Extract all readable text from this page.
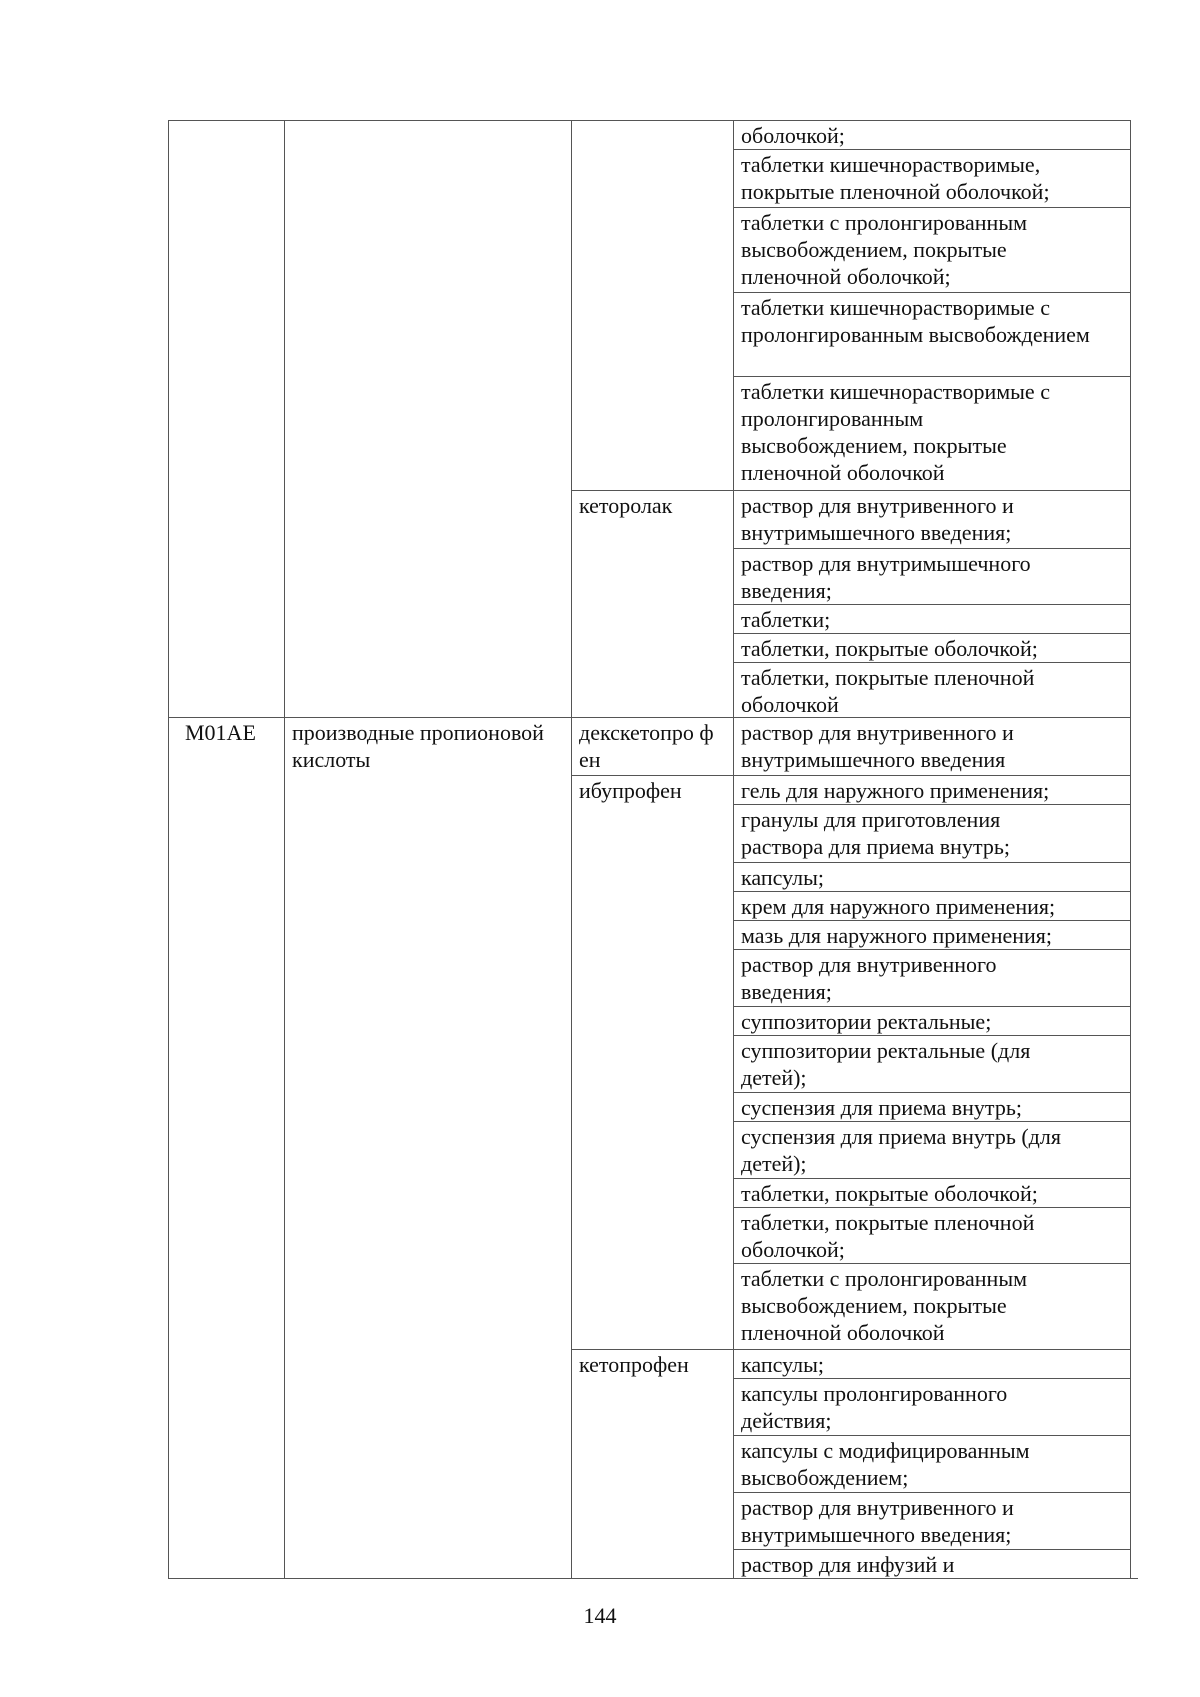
M01AE	производные пропионовой кислоты
кеторолак
декскетопро фен
ибупрофен
кетопрофен
оболочкой;
таблетки кишечнорастворимые, покрытые пленочной оболочкой;
таблетки с пролонгированным высвобождением, покрытые пленочной оболочкой;
таблетки кишечнорастворимые с пролонгированным высвобождением
таблетки кишечнорастворимые с пролонгированным высвобождением, покрытые пленочной оболочкой
раствор для внутривенного и внутримышечного введения;
раствор для внутримышечного введения;
таблетки;
таблетки, покрытые оболочкой;
таблетки, покрытые пленочной оболочкой
раствор для внутривенного и внутримышечного введения
гель для наружного применения;
гранулы для приготовления раствора для приема внутрь;
капсулы;
крем для наружного применения;
мазь для наружного применения;
раствор для внутривенного введения;
суппозитории ректальные;
суппозитории ректальные (для детей);
суспензия для приема внутрь;
суспензия для приема внутрь (для детей);
таблетки, покрытые оболочкой;
таблетки, покрытые пленочной оболочкой;
таблетки с пролонгированным высвобождением, покрытые пленочной оболочкой
капсулы;
капсулы пролонгированного действия;
капсулы с модифицированным высвобождением;
раствор для внутривенного и внутримышечного введения;
раствор для инфузий и
144
